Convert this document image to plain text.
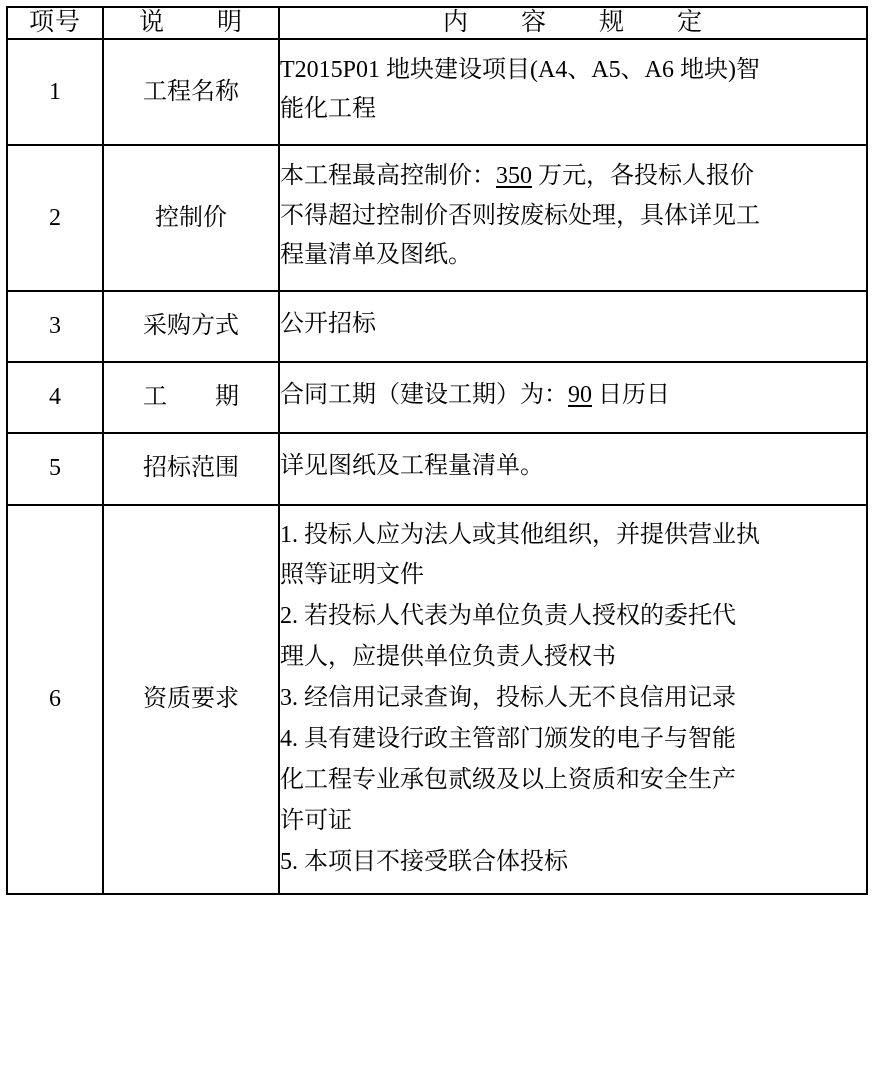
项号	说　　明	内　　容　　规　　定
1	工程名称	T2015P01 地块建设项目(A4、A5、A6 地块)智

能化工程

2	控制价	本工程最高控制价：350 万元，各投标人报价

不得超过控制价否则按废标处理，具体详见工

程量清单及图纸。

3	采购方式	公开招标

4	工　　期	合同工期（建设工期）为：90 日历日

5	招标范围	详见图纸及工程量清单。

6	资质要求	

1. 投标人应为法人或其他组织，并提供营业执

照等证明文件

2. 若投标人代表为单位负责人授权的委托代

理人，应提供单位负责人授权书

3. 经信用记录查询，投标人无不良信用记录

4. 具有建设行政主管部门颁发的电子与智能

化工程专业承包贰级及以上资质和安全生产

许可证

5. 本项目不接受联合体投标
